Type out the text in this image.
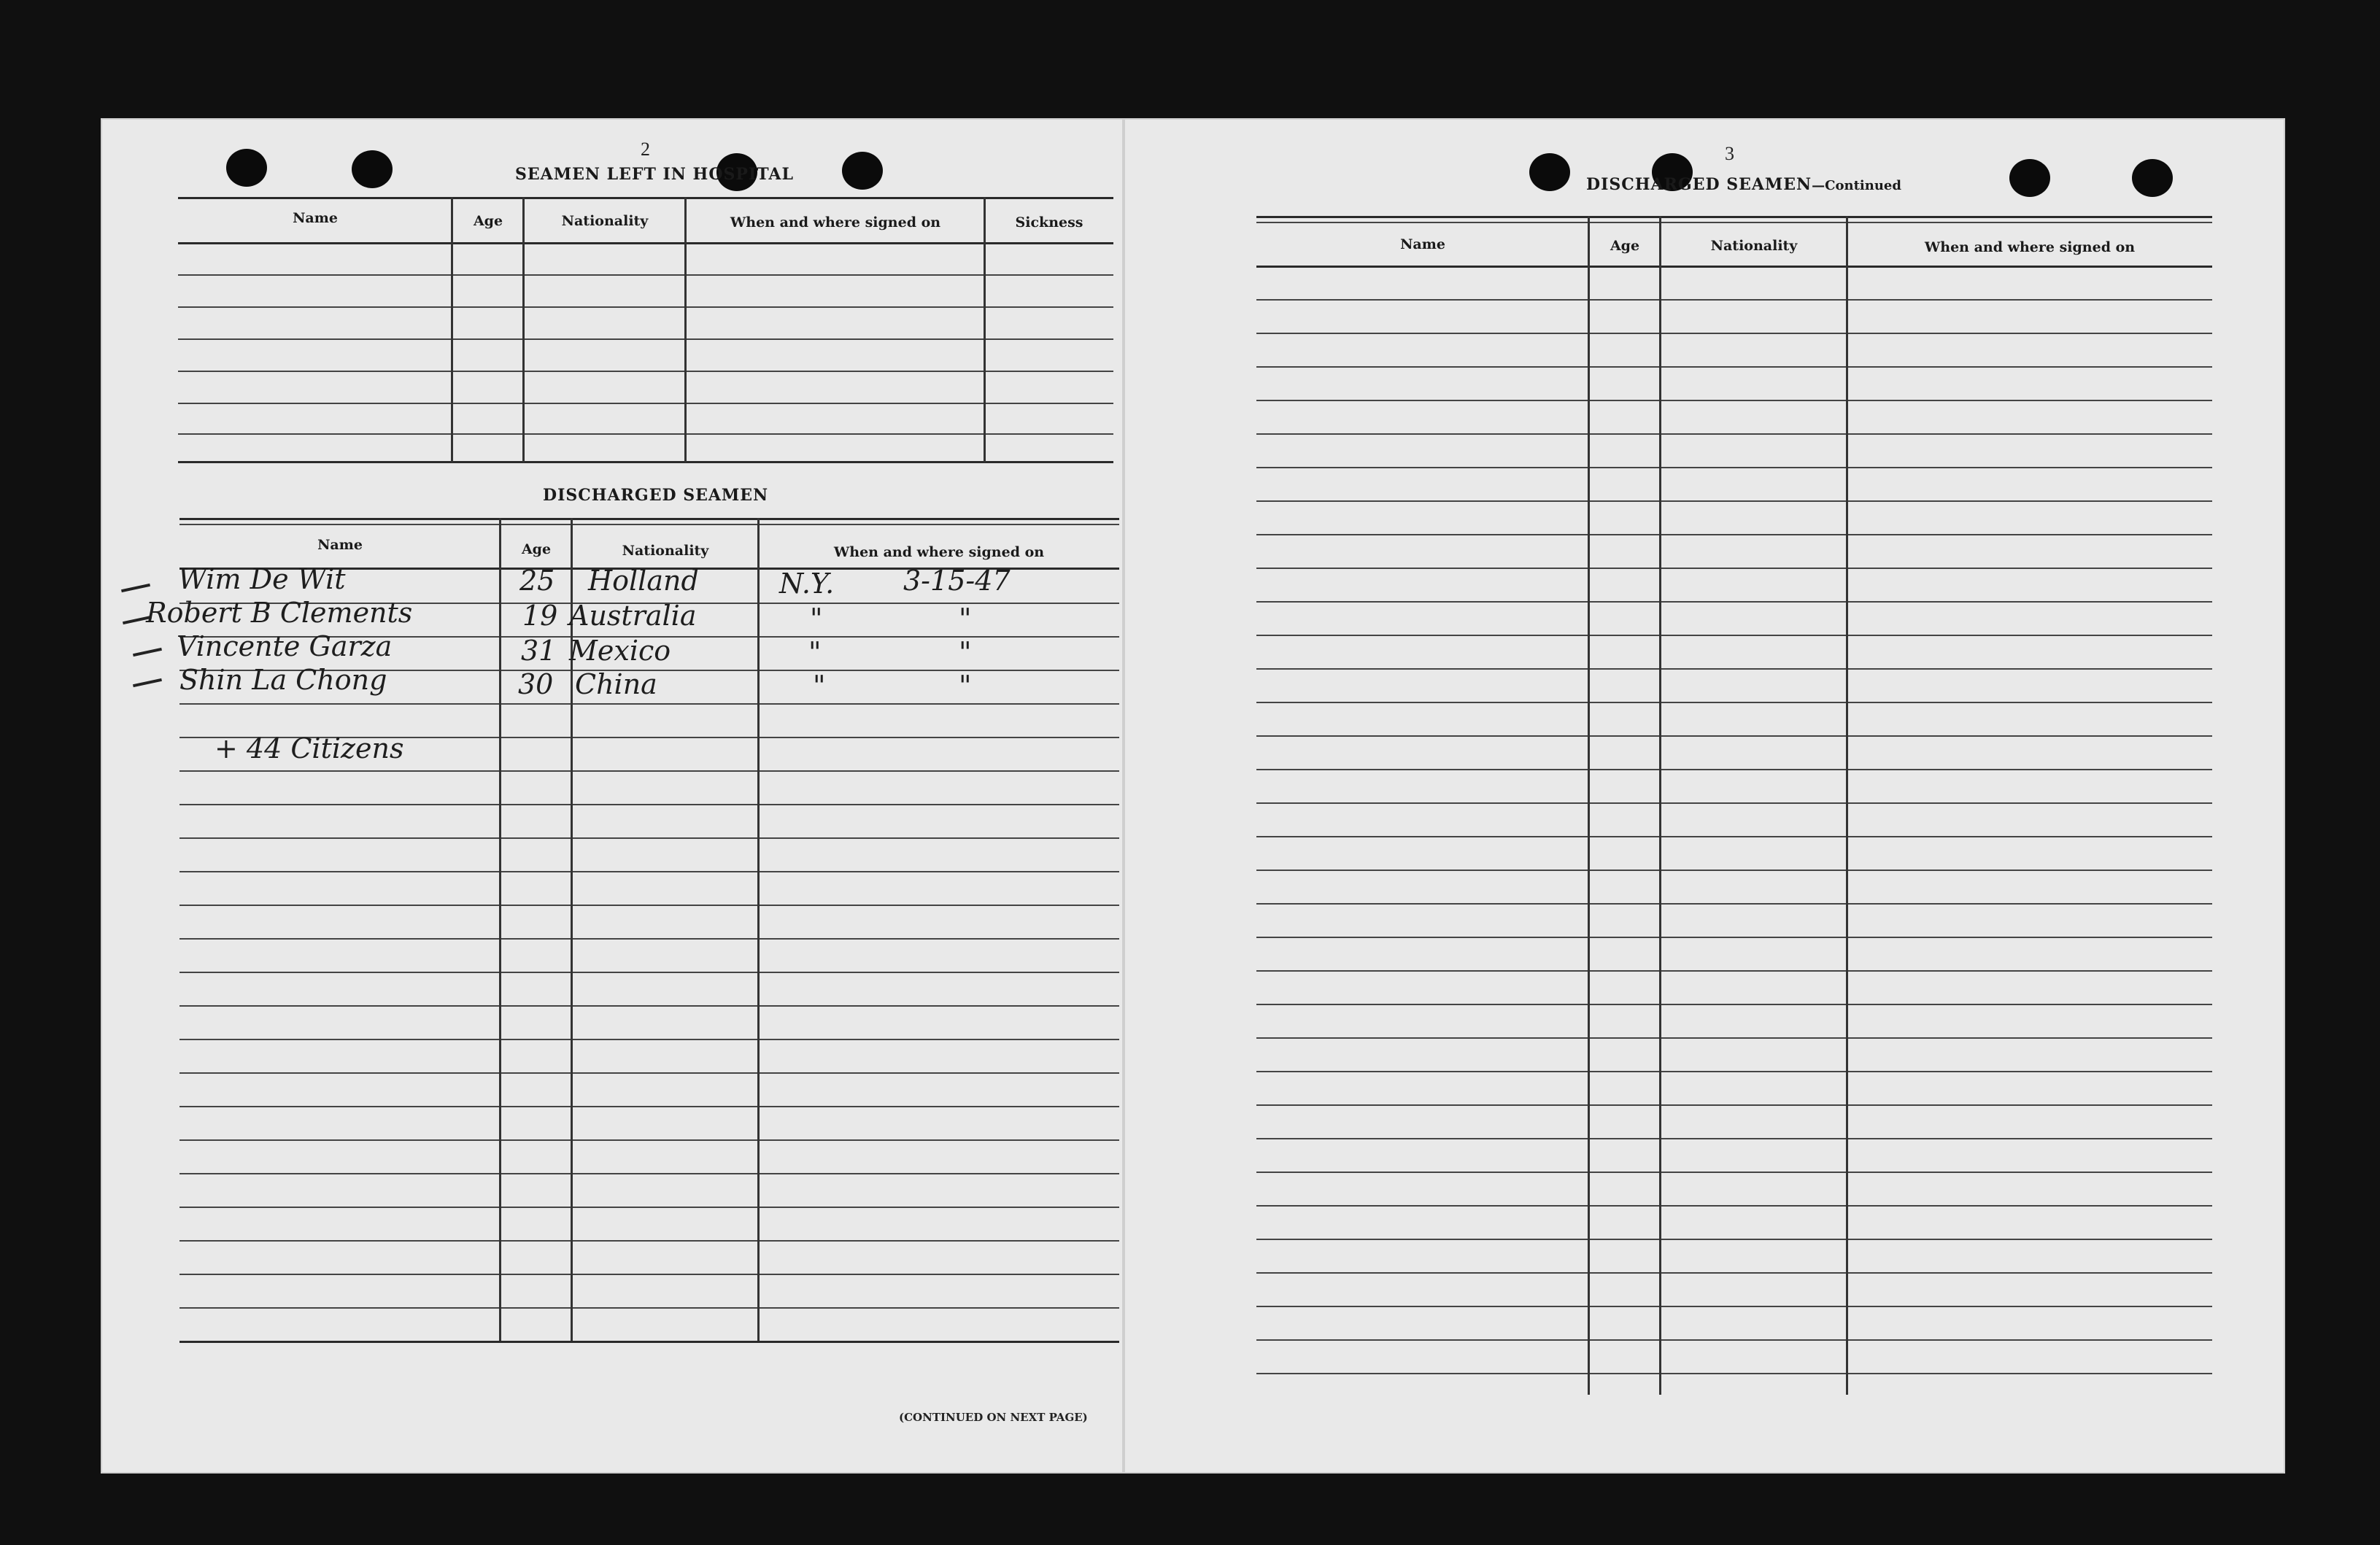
2
SEAMEN LEFT IN HOSPITAL
Name	Age	Nationality	When and where signed on	Sickness
DISCHARGED SEAMEN
Name	Age	Nationality	When and where signed on
Wim De Wit	25 Holland	N.Y. 3-15-47
Robert B Clements	19 Australia	"	"
Vincente Garza	31 Mexico	"	"
Shin La Chong	30 China	"	"
+ 44 Citizens
(CONTINUED ON NEXT PAGE)
3
DISCHARGED SEAMEN—Continued
Name	Age	Nationality	When and where signed on
